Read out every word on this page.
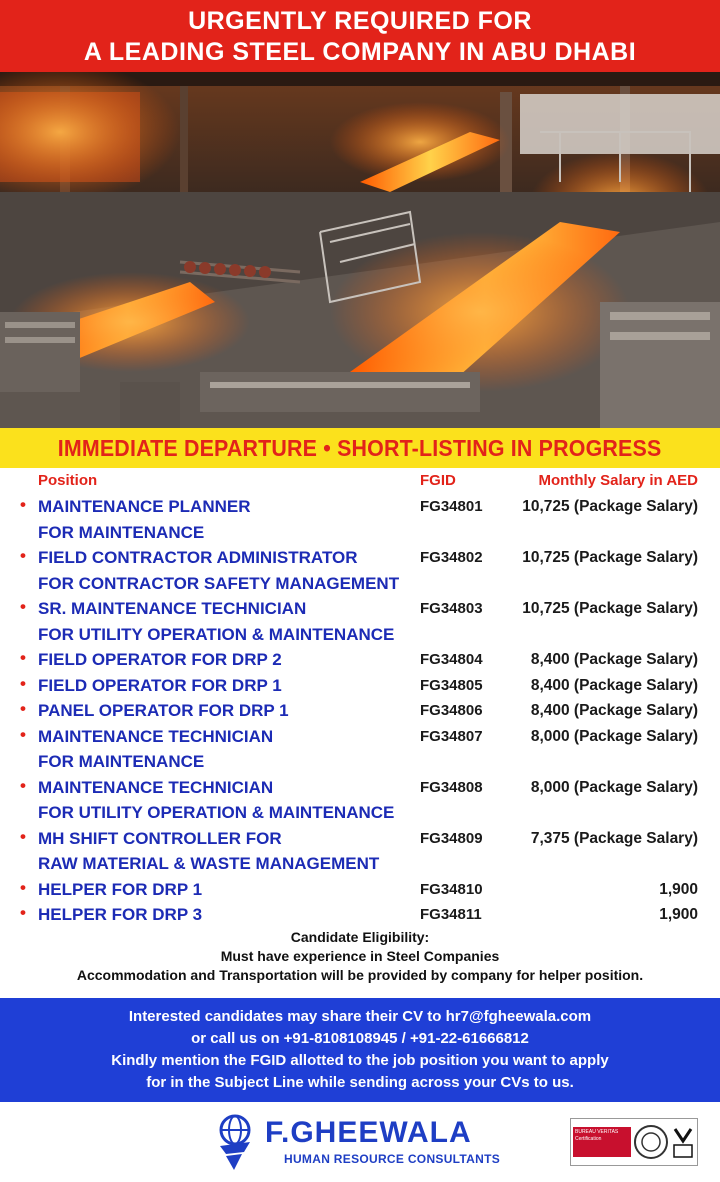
URGENTLY REQUIRED FOR
A LEADING STEEL COMPANY IN ABU DHABI
IMMEDIATE DEPARTURE • SHORT-LISTING IN PROGRESS
Position	FGID	Monthly Salary in AED
• MAINTENANCE PLANNER
FOR MAINTENANCE
FG34801	10,725 (Package Salary)
• FIELD CONTRACTOR ADMINISTRATOR
FOR CONTRACTOR SAFETY MANAGEMENT
FG34802	10,725 (Package Salary)
• SR. MAINTENANCE TECHNICIAN
FOR UTILITY OPERATION & MAINTENANCE
FG34803	10,725 (Package Salary)
• FIELD OPERATOR FOR DRP 2	FG34804	8,400 (Package Salary)
• FIELD OPERATOR FOR DRP 1	FG34805	8,400 (Package Salary)
• PANEL OPERATOR FOR DRP 1	FG34806	8,400 (Package Salary)
• MAINTENANCE TECHNICIAN
FOR MAINTENANCE
FG34807	8,000 (Package Salary)
• MAINTENANCE TECHNICIAN
FOR UTILITY OPERATION & MAINTENANCE
FG34808	8,000 (Package Salary)
• MH SHIFT CONTROLLER FOR
RAW MATERIAL & WASTE MANAGEMENT
FG34809	7,375 (Package Salary)
• HELPER FOR DRP 1	FG34810	1,900
• HELPER FOR DRP 3	FG34811	1,900
Candidate Eligibility:
Must have experience in Steel Companies
Accommodation and Transportation will be provided by company for helper position.
Interested candidates may share their CV to hr7@fgheewala.com
or call us on +91-8108108945 / +91-22-61666812
Kindly mention the FGID allotted to the job position you want to apply
for in the Subject Line while sending across your CVs to us.
F.GHEEWALA
HUMAN RESOURCE CONSULTANTS
BUREAU VERITAS Certification
